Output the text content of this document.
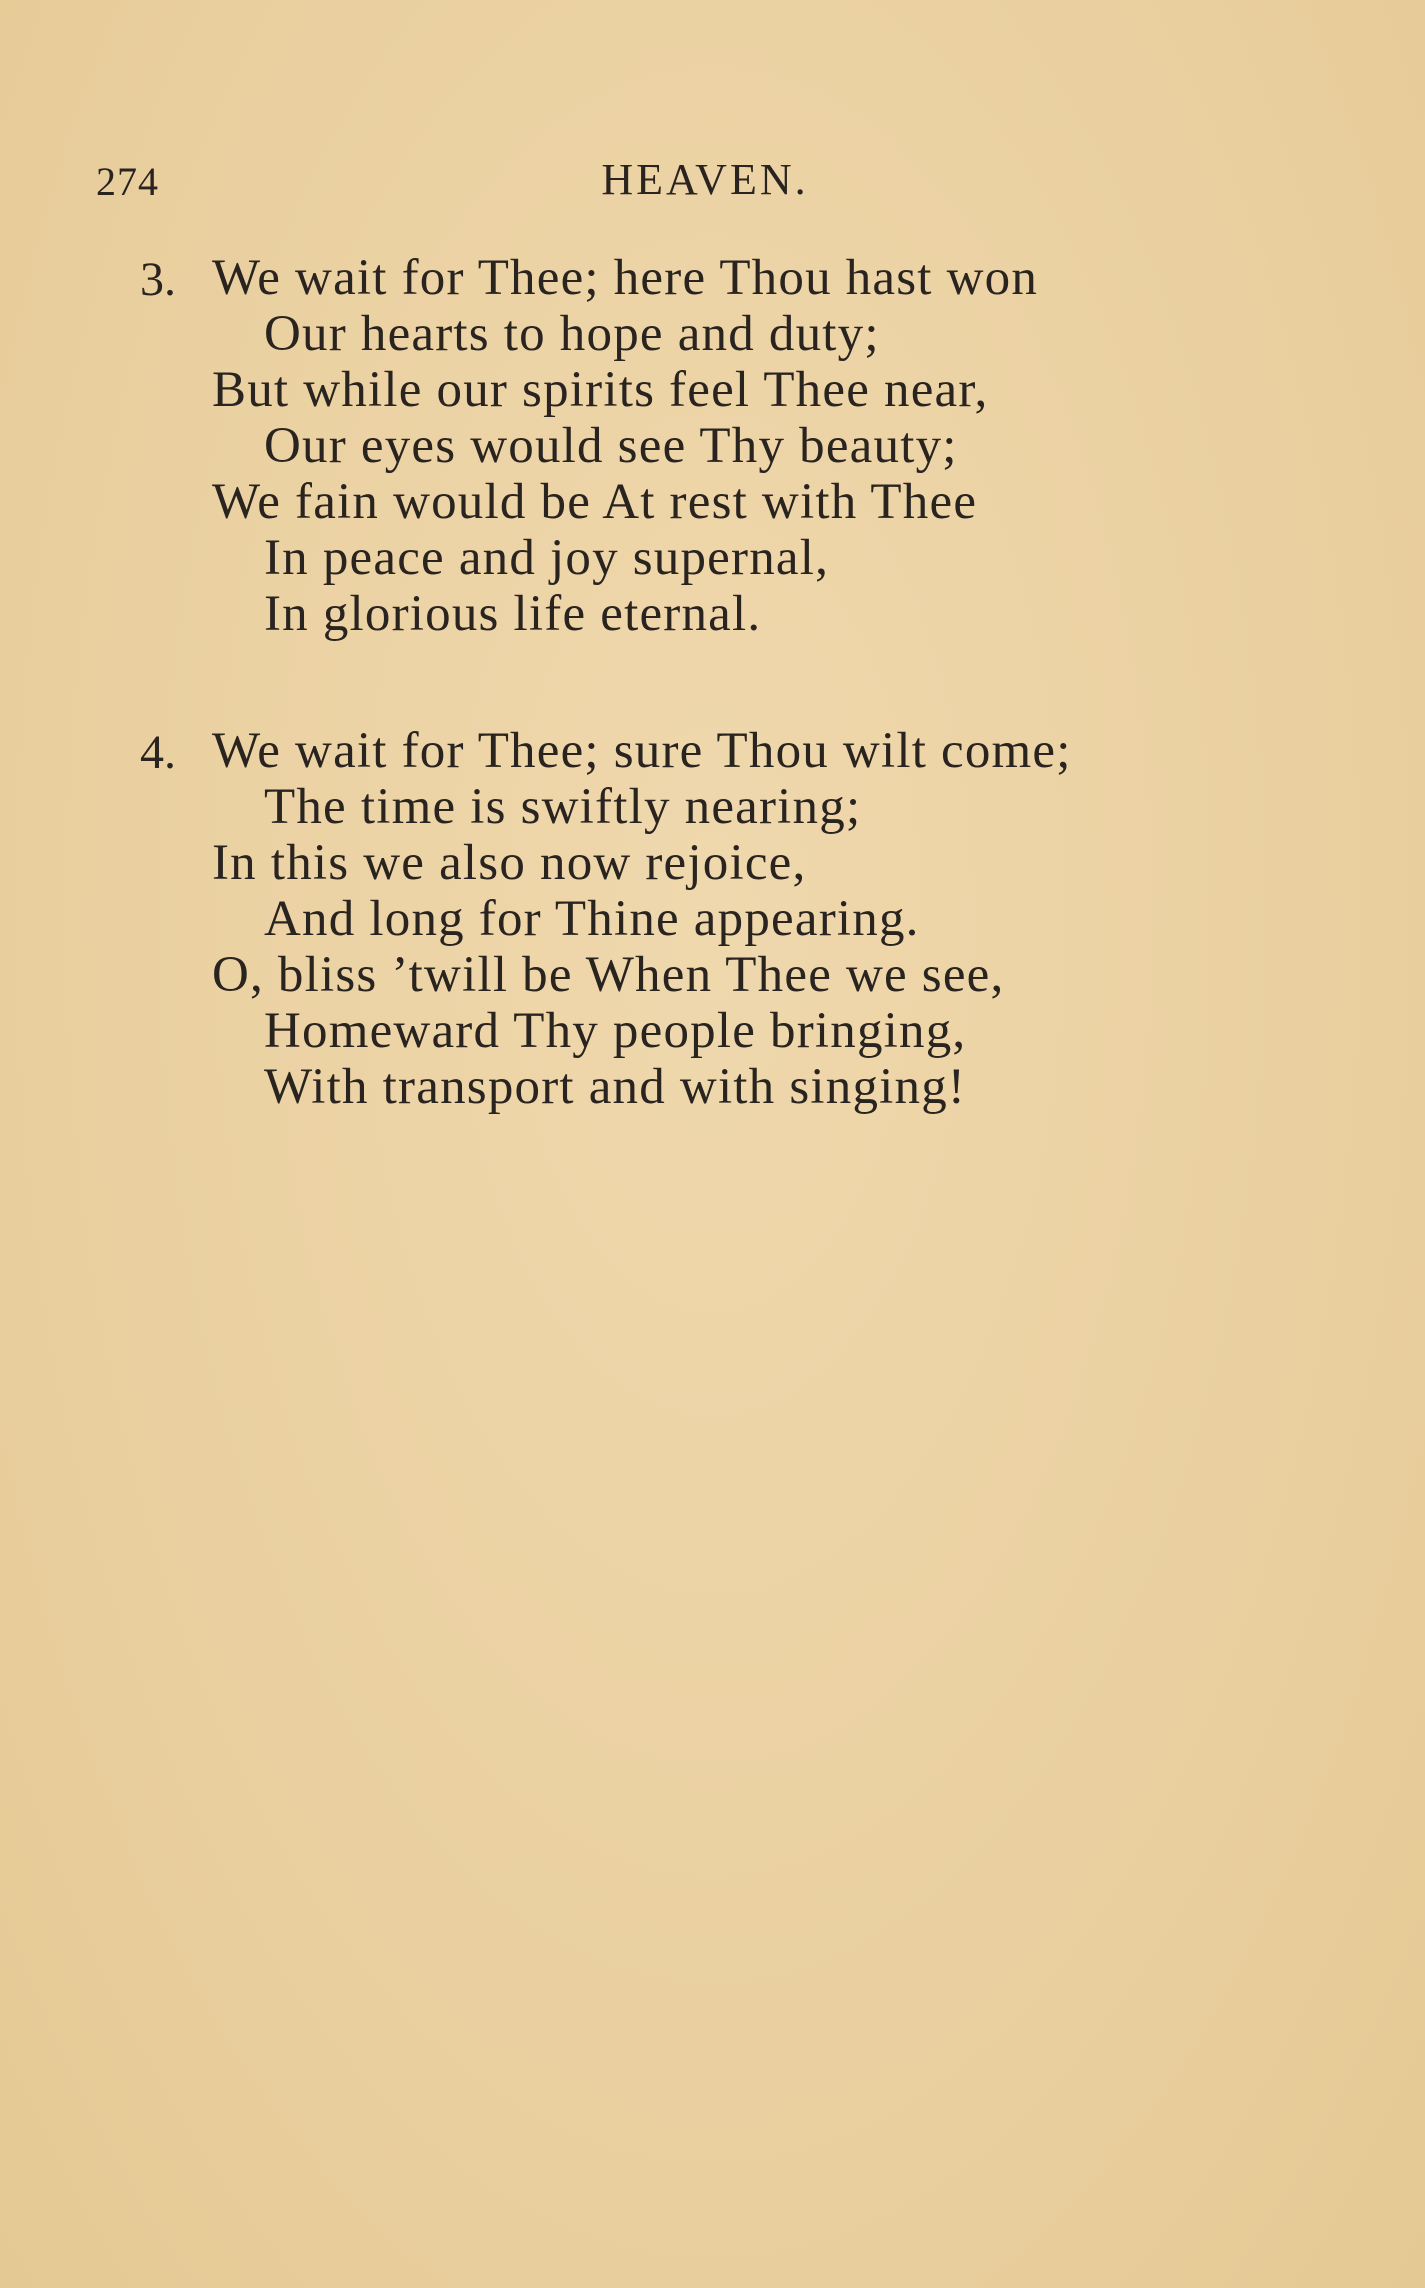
274	HEAVEN.
3. We wait for Thee; here Thou hast won
Our hearts to hope and duty;
But while our spirits feel Thee near,
Our eyes would see Thy beauty;
We fain would be At rest with Thee
In peace and joy supernal,
In glorious life eternal.
4. We wait for Thee; sure Thou wilt come;
The time is swiftly nearing;
In this we also now rejoice,
And long for Thine appearing.
O, bliss ’twill be When Thee we see,
Homeward Thy people bringing,
With transport and with singing!
